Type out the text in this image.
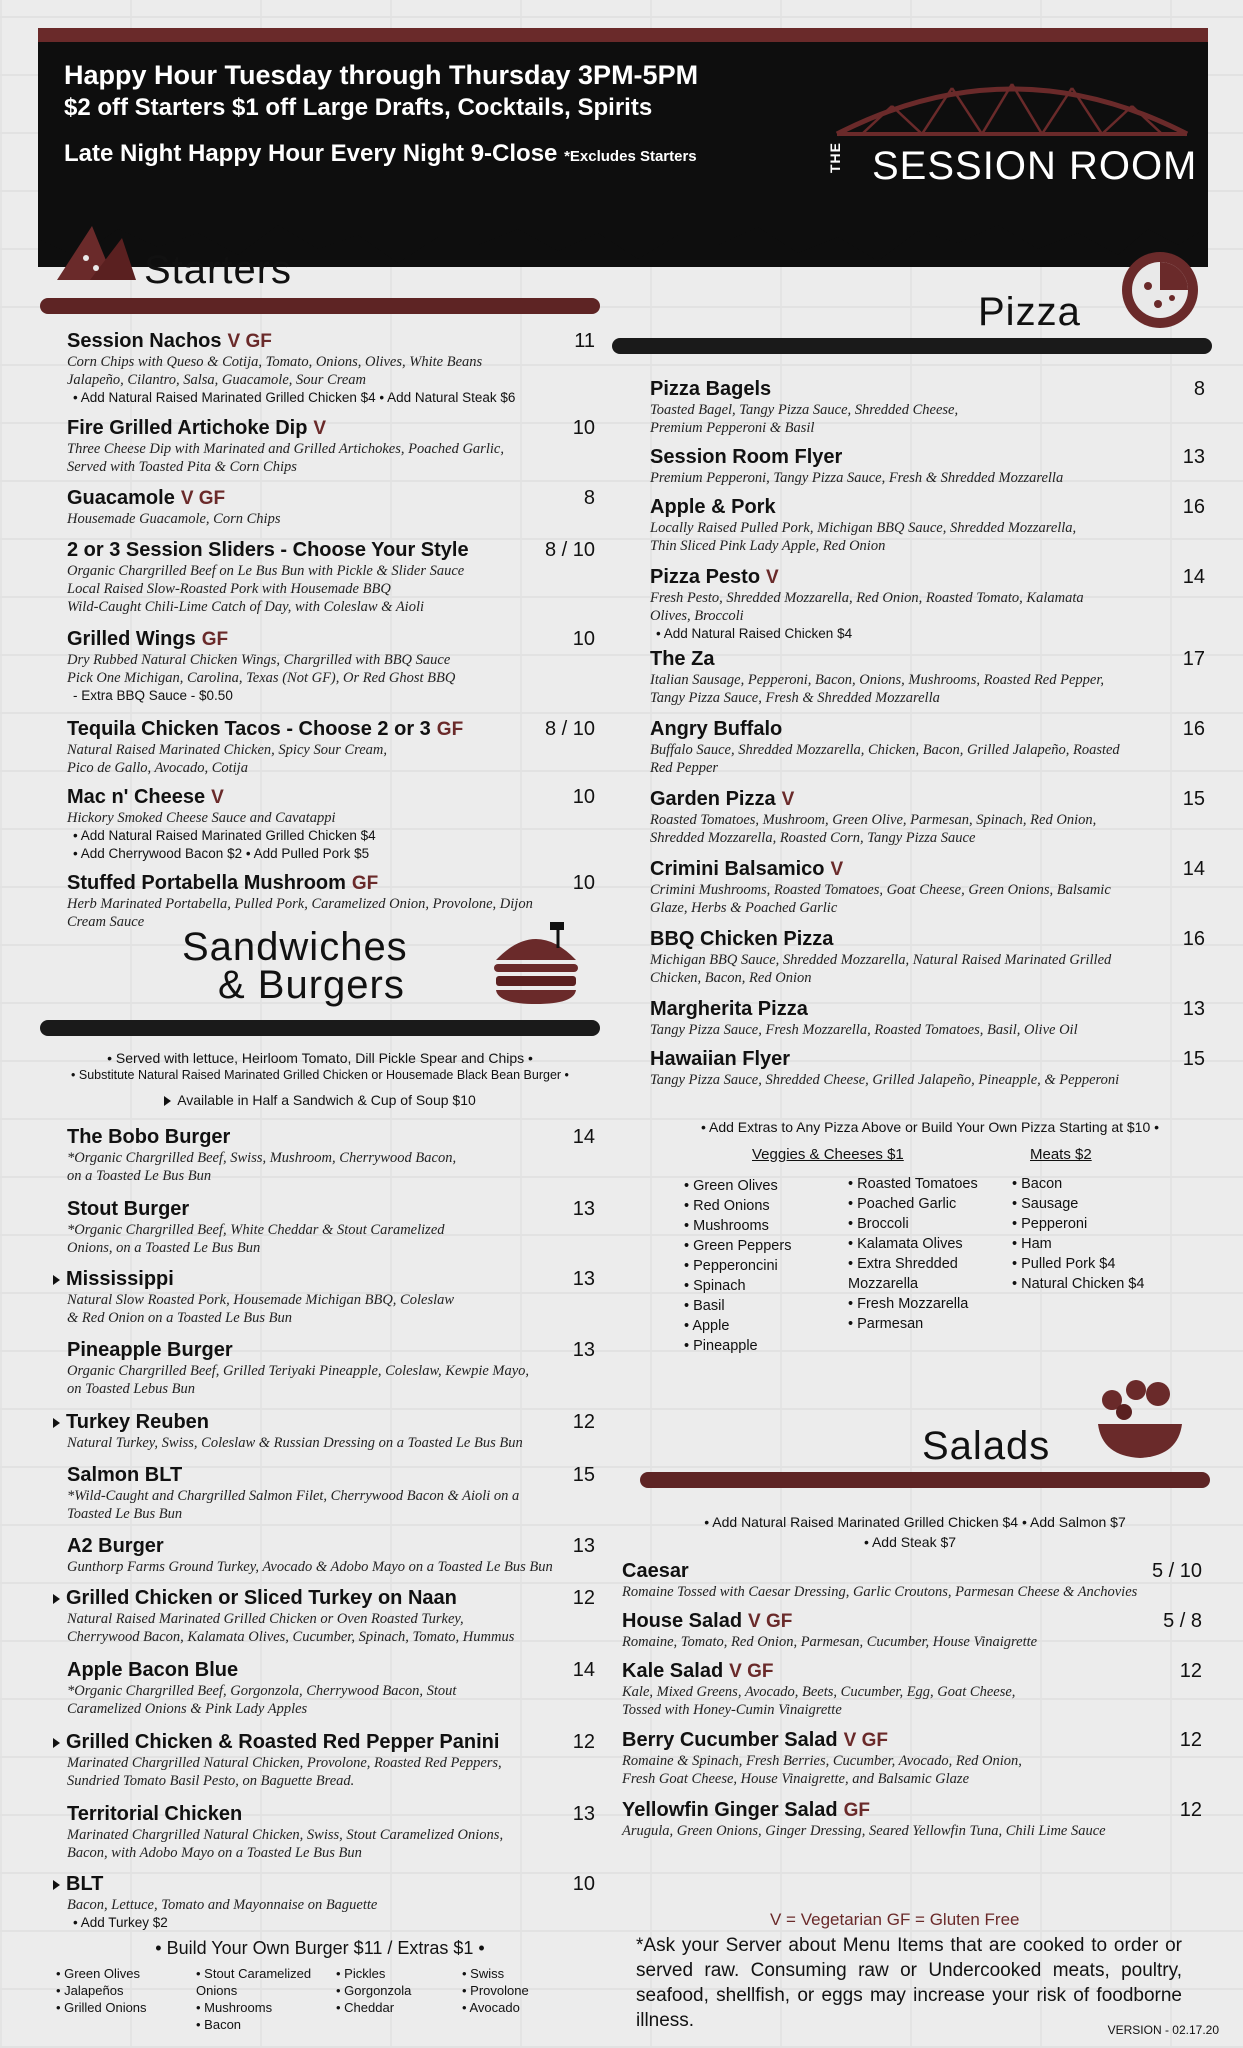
Happy Hour Tuesday through Thursday 3PM-5PM
$2 off Starters $1 off Large Drafts, Cocktails, Spirits
Late Night Happy Hour Every Night 9-Close *Excludes Starters	THE SESSION ROOM
Starters
Session Nachos V GF	11
Corn Chips with Queso & Cotija, Tomato, Onions, Olives, White Beans
Jalapeño, Cilantro, Salsa, Guacamole, Sour Cream
• Add Natural Raised Marinated Grilled Chicken $4 • Add Natural Steak $6
Fire Grilled Artichoke Dip V	10
Three Cheese Dip with Marinated and Grilled Artichokes, Poached Garlic,
Served with Toasted Pita & Corn Chips
Guacamole V GF	8
Housemade Guacamole, Corn Chips
2 or 3 Session Sliders - Choose Your Style	8 / 10
Organic Chargrilled Beef on Le Bus Bun with Pickle & Slider Sauce
Local Raised Slow-Roasted Pork with Housemade BBQ
Wild-Caught Chili-Lime Catch of Day, with Coleslaw & Aioli
Grilled Wings GF	10
Dry Rubbed Natural Chicken Wings, Chargrilled with BBQ Sauce
Pick One Michigan, Carolina, Texas (Not GF), Or Red Ghost BBQ
- Extra BBQ Sauce - $0.50
Tequila Chicken Tacos - Choose 2 or 3 GF	8 / 10
Natural Raised Marinated Chicken, Spicy Sour Cream,
Pico de Gallo, Avocado, Cotija
Mac n' Cheese V	10
Hickory Smoked Cheese Sauce and Cavatappi
• Add Natural Raised Marinated Grilled Chicken $4
• Add Cherrywood Bacon $2 • Add Pulled Pork $5
Stuffed Portabella Mushroom GF	10
Herb Marinated Portabella, Pulled Pork, Caramelized Onion, Provolone, Dijon
Cream Sauce
Sandwiches
& Burgers
• Served with lettuce, Heirloom Tomato, Dill Pickle Spear and Chips •
• Substitute Natural Raised Marinated Grilled Chicken or Housemade Black Bean Burger •
Available in Half a Sandwich & Cup of Soup $10
The Bobo Burger	14
*Organic Chargrilled Beef, Swiss, Mushroom, Cherrywood Bacon,
on a Toasted Le Bus Bun
Stout Burger	13
*Organic Chargrilled Beef, White Cheddar & Stout Caramelized
Onions, on a Toasted Le Bus Bun
Mississippi	13
Natural Slow Roasted Pork, Housemade Michigan BBQ, Coleslaw
& Red Onion on a Toasted Le Bus Bun
Pineapple Burger	13
Organic Chargrilled Beef, Grilled Teriyaki Pineapple, Coleslaw, Kewpie Mayo,
on Toasted Lebus Bun
Turkey Reuben	12
Natural Turkey, Swiss, Coleslaw & Russian Dressing on a Toasted Le Bus Bun
Salmon BLT	15
*Wild-Caught and Chargrilled Salmon Filet, Cherrywood Bacon & Aioli on a
Toasted Le Bus Bun
A2 Burger	13
Gunthorp Farms Ground Turkey, Avocado & Adobo Mayo on a Toasted Le Bus Bun
Grilled Chicken or Sliced Turkey on Naan	12
Natural Raised Marinated Grilled Chicken or Oven Roasted Turkey,
Cherrywood Bacon, Kalamata Olives, Cucumber, Spinach, Tomato, Hummus
Apple Bacon Blue	14
*Organic Chargrilled Beef, Gorgonzola, Cherrywood Bacon, Stout
Caramelized Onions & Pink Lady Apples
Grilled Chicken & Roasted Red Pepper Panini	12
Marinated Chargrilled Natural Chicken, Provolone, Roasted Red Peppers,
Sundried Tomato Basil Pesto, on Baguette Bread.
Territorial Chicken	13
Marinated Chargrilled Natural Chicken, Swiss, Stout Caramelized Onions,
Bacon, with Adobo Mayo on a Toasted Le Bus Bun
BLT	10
Bacon, Lettuce, Tomato and Mayonnaise on Baguette
• Add Turkey $2
• Build Your Own Burger $11 / Extras $1 •
• Green Olives
• Jalapeños
• Grilled Onions
• Stout Caramelized Onions
• Mushrooms
• Bacon
• Pickles
• Gorgonzola
• Cheddar
• Swiss
• Provolone
• Avocado
Pizza
Pizza Bagels	8
Toasted Bagel, Tangy Pizza Sauce, Shredded Cheese,
Premium Pepperoni & Basil
Session Room Flyer	13
Premium Pepperoni, Tangy Pizza Sauce, Fresh & Shredded Mozzarella
Apple & Pork	16
Locally Raised Pulled Pork, Michigan BBQ Sauce, Shredded Mozzarella,
Thin Sliced Pink Lady Apple, Red Onion
Pizza Pesto V	14
Fresh Pesto, Shredded Mozzarella, Red Onion, Roasted Tomato, Kalamata
Olives, Broccoli
• Add Natural Raised Chicken $4
The Za	17
Italian Sausage, Pepperoni, Bacon, Onions, Mushrooms, Roasted Red Pepper,
Tangy Pizza Sauce, Fresh & Shredded Mozzarella
Angry Buffalo	16
Buffalo Sauce, Shredded Mozzarella, Chicken, Bacon, Grilled Jalapeño, Roasted
Red Pepper
Garden Pizza V	15
Roasted Tomatoes, Mushroom, Green Olive, Parmesan, Spinach, Red Onion,
Shredded Mozzarella, Roasted Corn, Tangy Pizza Sauce
Crimini Balsamico V	14
Crimini Mushrooms, Roasted Tomatoes, Goat Cheese, Green Onions, Balsamic
Glaze, Herbs & Poached Garlic
BBQ Chicken Pizza	16
Michigan BBQ Sauce, Shredded Mozzarella, Natural Raised Marinated Grilled
Chicken, Bacon, Red Onion
Margherita Pizza	13
Tangy Pizza Sauce, Fresh Mozzarella, Roasted Tomatoes, Basil, Olive Oil
Hawaiian Flyer	15
Tangy Pizza Sauce, Shredded Cheese, Grilled Jalapeño, Pineapple, & Pepperoni
• Add Extras to Any Pizza Above or Build Your Own Pizza Starting at $10 •
Veggies & Cheeses $1	Meats $2
• Green Olives
• Red Onions
• Mushrooms
• Green Peppers
• Pepperoncini
• Spinach
• Basil
• Apple
• Pineapple
• Roasted Tomatoes
• Poached Garlic
• Broccoli
• Kalamata Olives
• Extra Shredded Mozzarella
• Fresh Mozzarella
• Parmesan
• Bacon
• Sausage
• Pepperoni
• Ham
• Pulled Pork $4
• Natural Chicken $4
Salads
• Add Natural Raised Marinated Grilled Chicken $4 • Add Salmon $7
• Add Steak $7
Caesar	5 / 10
Romaine Tossed with Caesar Dressing, Garlic Croutons, Parmesan Cheese & Anchovies
House Salad V GF	5 / 8
Romaine, Tomato, Red Onion, Parmesan, Cucumber, House Vinaigrette
Kale Salad V GF	12
Kale, Mixed Greens, Avocado, Beets, Cucumber, Egg, Goat Cheese,
Tossed with Honey-Cumin Vinaigrette
Berry Cucumber Salad V GF	12
Romaine & Spinach, Fresh Berries, Cucumber, Avocado, Red Onion,
Fresh Goat Cheese, House Vinaigrette, and Balsamic Glaze
Yellowfin Ginger Salad GF	12
Arugula, Green Onions, Ginger Dressing, Seared Yellowfin Tuna, Chili Lime Sauce
V = Vegetarian GF = Gluten Free
*Ask your Server about Menu Items that are cooked to order or served raw. Consuming raw or Undercooked meats, poultry, seafood, shellfish, or eggs may increase your risk of foodborne illness.	VERSION - 02.17.20
